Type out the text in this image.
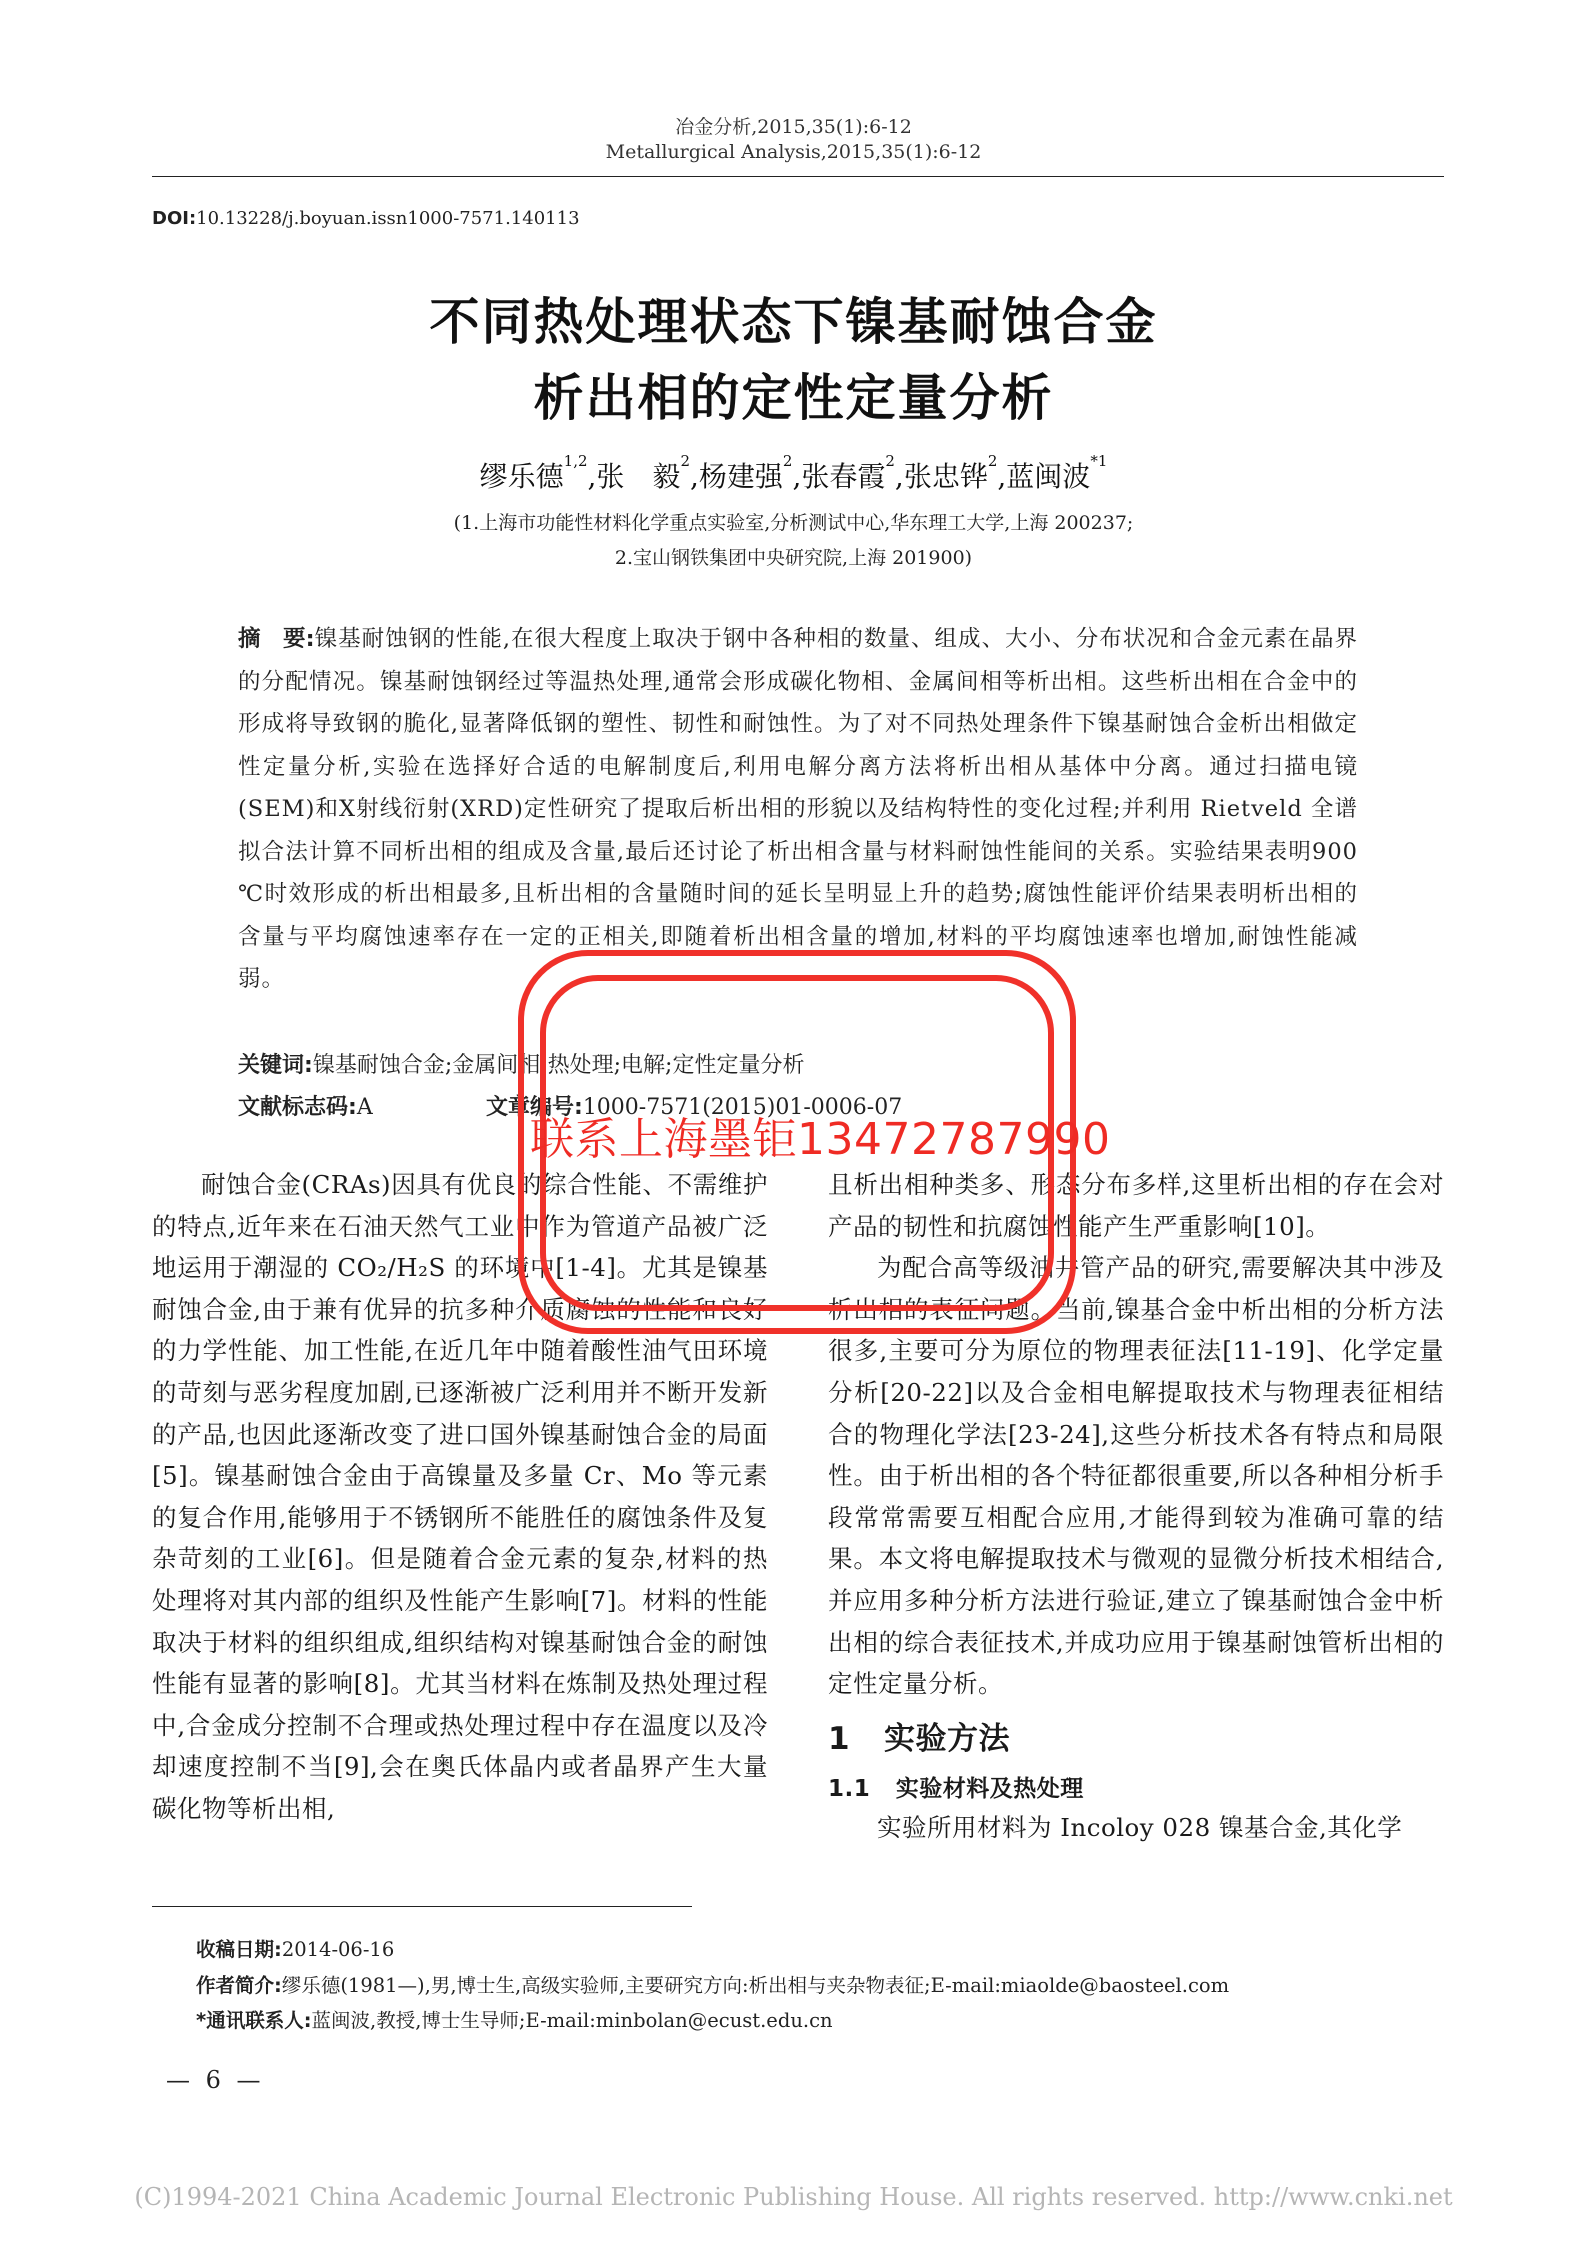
冶金分析,2015,35(1):6-12
Metallurgical Analysis,2015,35(1):6-12
DOI:10.13228/j.boyuan.issn1000-7571.140113
不同热处理状态下镍基耐蚀合金
析出相的定性定量分析
缪乐德$^{1,2}$,张　毅$^2$,杨建强$^2$,张春霞$^2$,张忠铧$^2$,蓝闽波$^{*1}$
(1.上海市功能性材料化学重点实验室,分析测试中心,华东理工大学,上海 200237;
2.宝山钢铁集团中央研究院,上海 201900)

摘　要:镍基耐蚀钢的性能,在很大程度上取决于钢中各种相的数量、组成、大小、分布状况和合金元素在晶界的分配情况。镍基耐蚀钢经过等温热处理,通常会形成碳化物相、金属间相等析出相。这些析出相在合金中的形成将导致钢的脆化,显著降低钢的塑性、韧性和耐蚀性。为了对不同热处理条件下镍基耐蚀合金析出相做定性定量分析,实验在选择好合适的电解制度后,利用电解分离方法将析出相从基体中分离。通过扫描电镜(SEM)和X射线衍射(XRD)定性研究了提取后析出相的形貌以及结构特性的变化过程;并利用 Rietveld 全谱拟合法计算不同析出相的组成及含量,最后还讨论了析出相含量与材料耐蚀性能间的关系。实验结果表明900 ℃时效形成的析出相最多,且析出相的含量随时间的延长呈明显上升的趋势;腐蚀性能评价结果表明析出相的含量与平均腐蚀速率存在一定的正相关,即随着析出相含量的增加,材料的平均腐蚀速率也增加,耐蚀性能减弱。

关键词:镍基耐蚀合金;金属间相;热处理;电解;定性定量分析
文献标志码:A	文章编号:1000-7571(2015)01-0006-07

耐蚀合金(CRAs)因具有优良的综合性能、不需维护的特点,近年来在石油天然气工业中作为管道产品被广泛地运用于潮湿的 CO₂/H₂S 的环境中[1-4]。尤其是镍基耐蚀合金,由于兼有优异的抗多种介质腐蚀的性能和良好的力学性能、加工性能,在近几年中随着酸性油气田环境的苛刻与恶劣程度加剧,已逐渐被广泛利用并不断开发新的产品,也因此逐渐改变了进口国外镍基耐蚀合金的局面[5]。镍基耐蚀合金由于高镍量及多量 Cr、Mo 等元素的复合作用,能够用于不锈钢所不能胜任的腐蚀条件及复杂苛刻的工业[6]。但是随着合金元素的复杂,材料的热处理将对其内部的组织及性能产生影响[7]。材料的性能取决于材料的组织组成,组织结构对镍基耐蚀合金的耐蚀性能有显著的影响[8]。尤其当材料在炼制及热处理过程中,合金成分控制不合理或热处理过程中存在温度以及冷却速度控制不当[9],会在奥氏体晶内或者晶界产生大量碳化物等析出相,

且析出相种类多、形态分布多样,这里析出相的存在会对产品的韧性和抗腐蚀性能产生严重影响[10]。

为配合高等级油井管产品的研究,需要解决其中涉及析出相的表征问题。当前,镍基合金中析出相的分析方法很多,主要可分为原位的物理表征法[11-19]、化学定量分析[20-22]以及合金相电解提取技术与物理表征相结合的物理化学法[23-24],这些分析技术各有特点和局限性。由于析出相的各个特征都很重要,所以各种相分析手段常常需要互相配合应用,才能得到较为准确可靠的结果。本文将电解提取技术与微观的显微分析技术相结合,并应用多种分析方法进行验证,建立了镍基耐蚀合金中析出相的综合表征技术,并成功应用于镍基耐蚀管析出相的定性定量分析。

1 实验方法
1.1 实验材料及热处理

实验所用材料为 Incoloy 028 镍基合金,其化学

收稿日期:2014-06-16
作者简介:缪乐德(1981—),男,博士生,高级实验师,主要研究方向:析出相与夹杂物表征;E-mail:miaolde@baosteel.com
*通讯联系人:蓝闽波,教授,博士生导师;E-mail:minbolan@ecust.edu.cn
— 6 —
(C)1994-2021 China Academic Journal Electronic Publishing House. All rights reserved. http://www.cnki.net
联系上海墨钜13472787990
